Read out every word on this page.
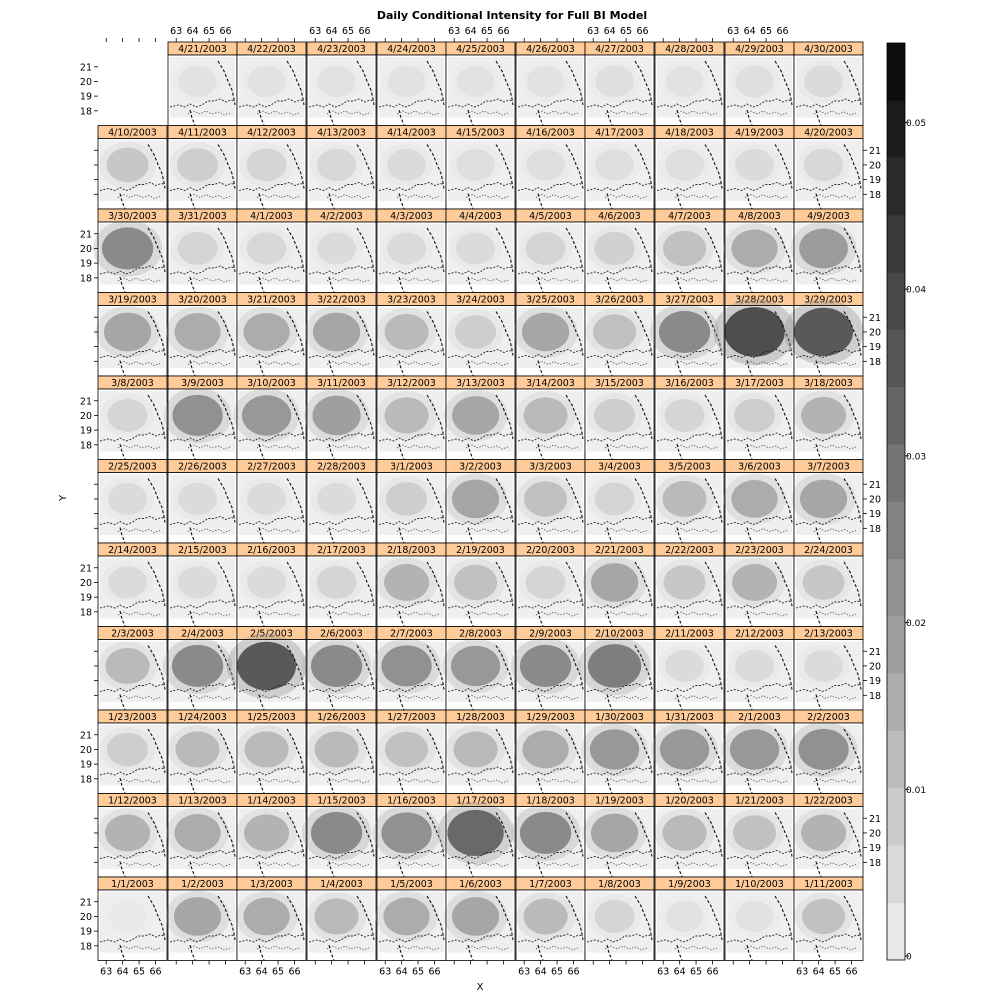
Daily Conditional Intensity for Full BI Model
X
Y
4/21/2003 4/22/2003 4/23/2003 4/24/2003 4/25/2003 4/26/2003 4/27/2003 4/28/2003 4/29/2003 4/30/2003
4/10/2003 4/11/2003 4/12/2003 4/13/2003 4/14/2003 4/15/2003 4/16/2003 4/17/2003 4/18/2003 4/19/2003 4/20/2003
3/30/2003 3/31/2003 4/1/2003	4/2/2003	4/3/2003	4/4/2003	4/5/2003	4/6/2003	4/7/2003	4/8/2003	4/9/2003
3/19/2003 3/20/2003 3/21/2003 3/22/2003 3/23/2003 3/24/2003 3/25/2003 3/26/2003 3/27/2003 3/28/2003 3/29/2003
3/8/2003	3/9/2003 3/10/2003 3/11/2003 3/12/2003 3/13/2003 3/14/2003 3/15/2003 3/16/2003 3/17/2003 3/18/2003
2/25/2003 2/26/2003 2/27/2003 2/28/2003	3/1/2003	3/2/2003	3/3/2003	3/4/2003	3/5/2003	3/6/2003	3/7/2003
2/14/2003 2/15/2003 2/16/2003 2/17/2003 2/18/2003 2/19/2003 2/20/2003 2/21/2003 2/22/2003 2/23/2003 2/24/2003
2/3/2003	2/4/2003	2/5/2003	2/6/2003	2/7/2003	2/8/2003	2/9/2003 2/10/2003 2/11/2003 2/12/2003 2/13/2003
1/23/2003 1/24/2003 1/25/2003 1/26/2003 1/27/2003 1/28/2003 1/29/2003 1/30/2003 1/31/2003	2/1/2003	2/2/2003
1/12/2003 1/13/2003 1/14/2003 1/15/2003 1/16/2003 1/17/2003 1/18/2003 1/19/2003 1/20/2003 1/21/2003 1/22/2003
1/1/2003	1/2/2003	1/3/2003	1/4/2003	1/5/2003	1/6/2003	1/7/2003	1/8/2003	1/9/2003	1/10/2003 1/11/2003
21
20
19
18
21
20
19
18
21
20
19
18
21
20
19
18
21
20
19
18
21
20
19
18
21
20
19
18
21
20
19
18
21
20
19
18
21
20
19
18
21
20
19
18
63 64 65 66
63 64 65 66
63 64 65 66
63 64 65 66
63 64 65 66
63 64 65 66
63 64 65 66
63 64 65 66
63 64 65 66
63 64 65 66
63 64 65 66
0
0.01
0.02
0.03
0.04
0.05
